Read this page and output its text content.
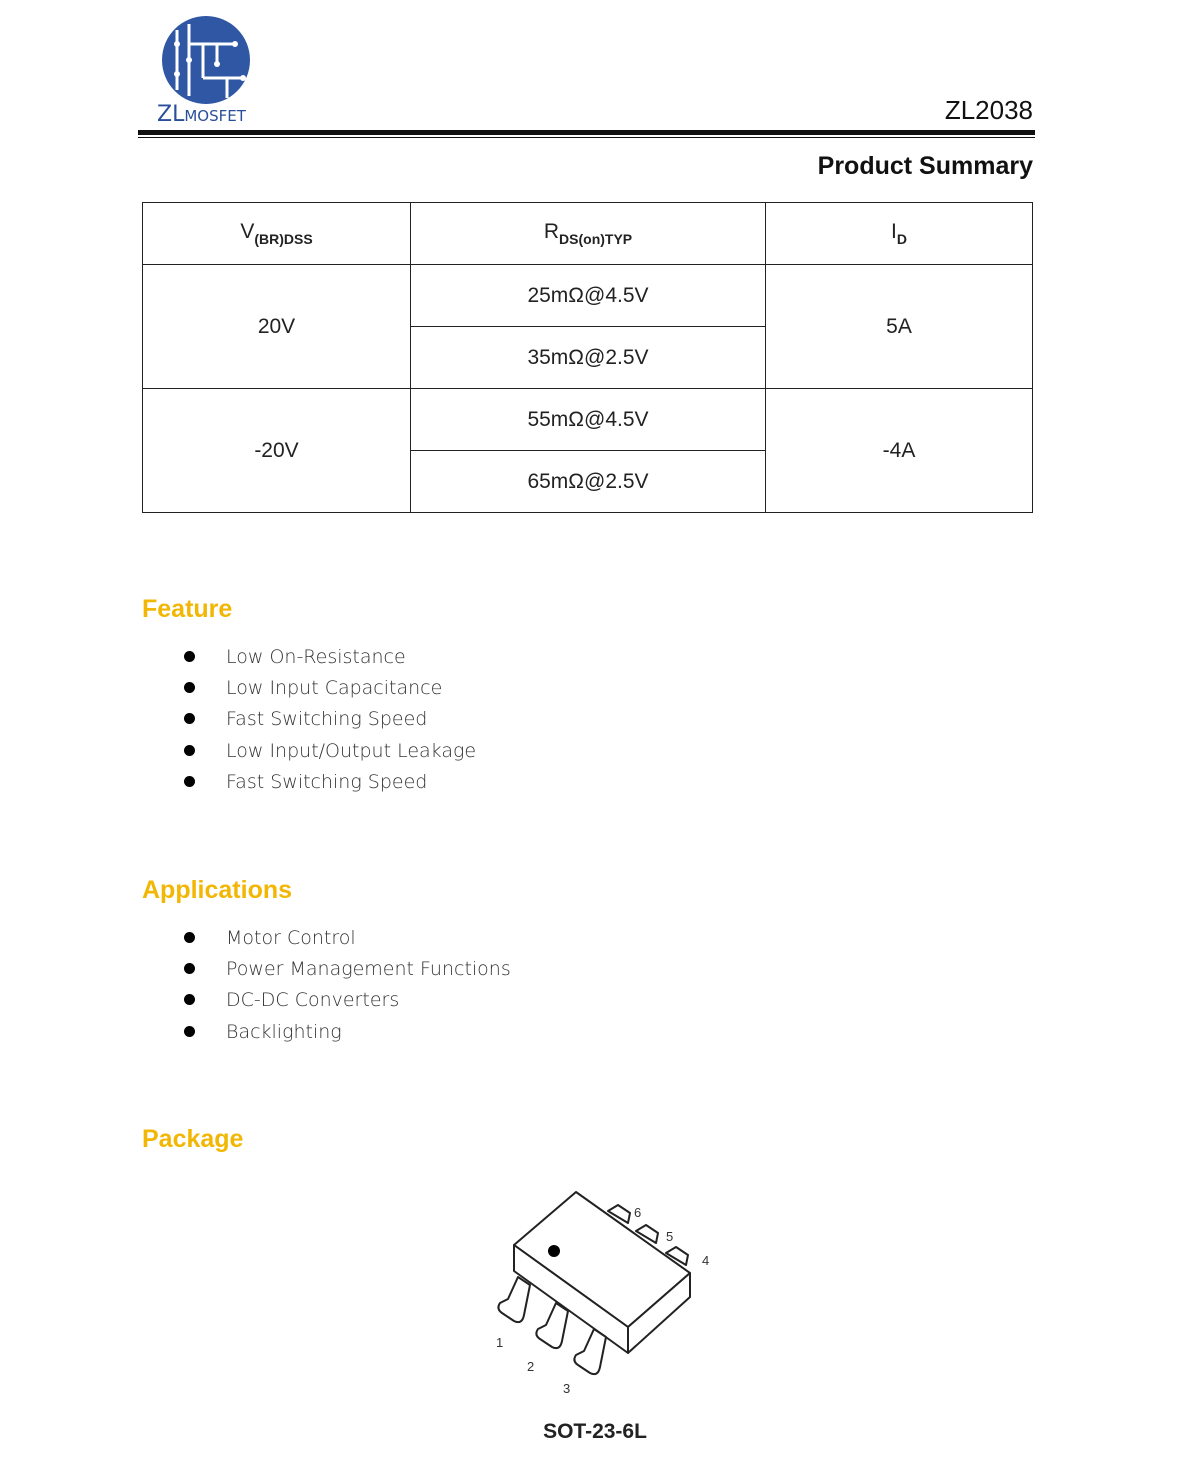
ZLMOSFET	ZL2038
Product Summary
$V_{(BR)DSS}$	$R_{DS(on)TYP}$	$I_D$
20V	25mΩ@4.5V	5A
	35mΩ@2.5V	
-20V	55mΩ@4.5V	-4A
	65mΩ@2.5V	
Feature
Low On-Resistance
Low Input Capacitance
Fast Switching Speed
Low Input/Output Leakage
Fast Switching Speed
Applications
Motor Control
Power Management Functions
DC-DC Converters
Backlighting
Package
1
2
3
4
5
6
SOT-23-6L
